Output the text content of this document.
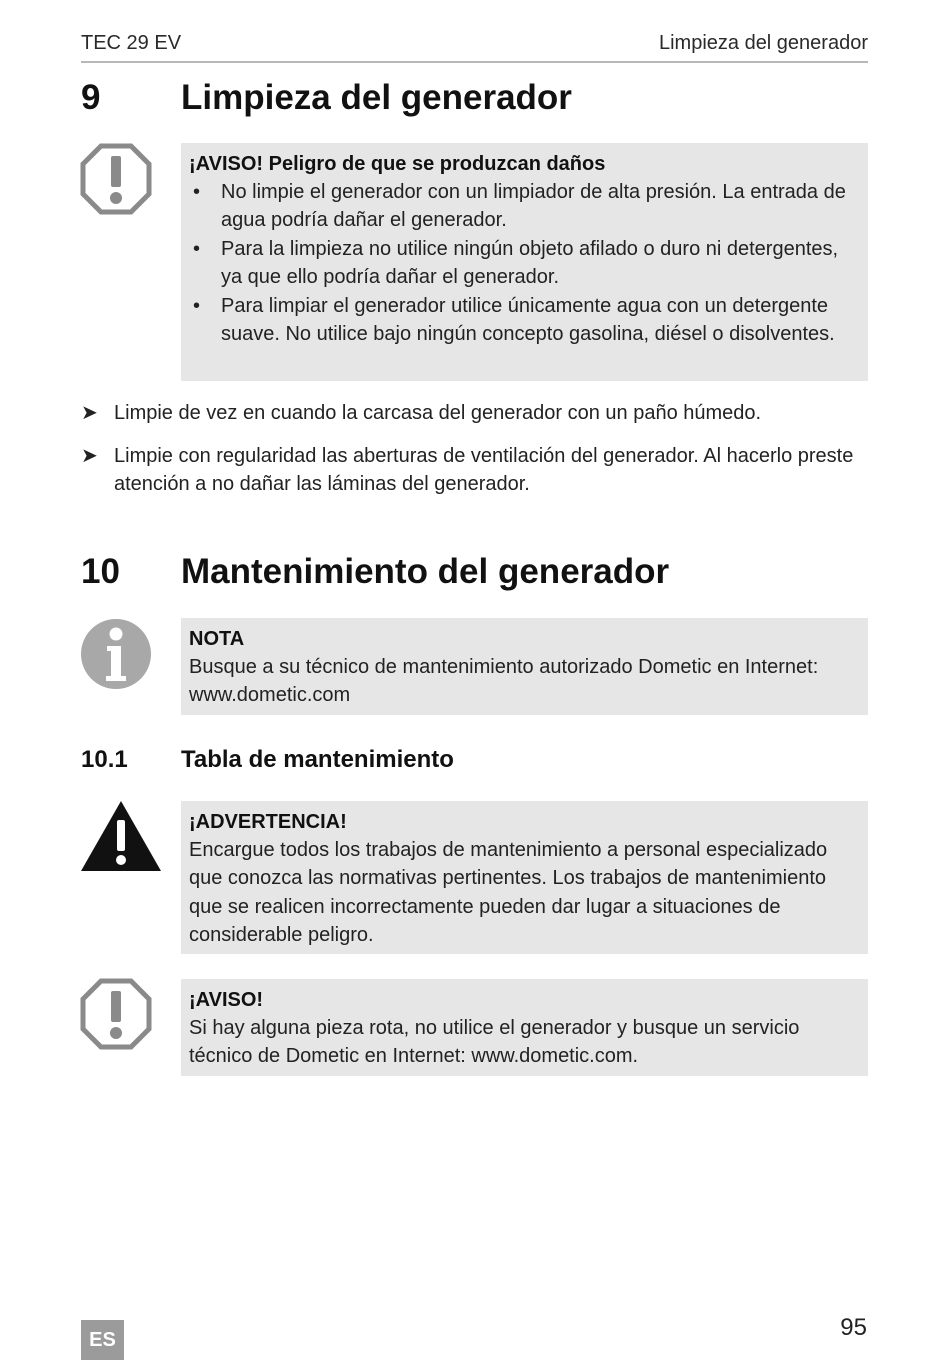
TEC 29 EV	Limpieza del generador
9 Limpieza del generador
¡AVISO! Peligro de que se produzcan daños
• No limpie el generador con un limpiador de alta presión. La entrada de agua podría dañar el generador.
• Para la limpieza no utilice ningún objeto afilado o duro ni detergentes, ya que ello podría dañar el generador.
• Para limpiar el generador utilice únicamente agua con un detergente suave. No utilice bajo ningún concepto gasolina, diésel o disolventes.
➤ Limpie de vez en cuando la carcasa del generador con un paño húmedo.
➤ Limpie con regularidad las aberturas de ventilación del generador. Al hacerlo preste atención a no dañar las láminas del generador.
10 Mantenimiento del generador
NOTA
Busque a su técnico de mantenimiento autorizado Dometic en Internet: www.dometic.com
10.1 Tabla de mantenimiento
¡ADVERTENCIA!
Encargue todos los trabajos de mantenimiento a personal especializado que conozca las normativas pertinentes. Los trabajos de mantenimiento que se realicen incorrectamente pueden dar lugar a situaciones de considerable peligro.
¡AVISO!
Si hay alguna pieza rota, no utilice el generador y busque un servicio técnico de Dometic en Internet: www.dometic.com.
ES	95
